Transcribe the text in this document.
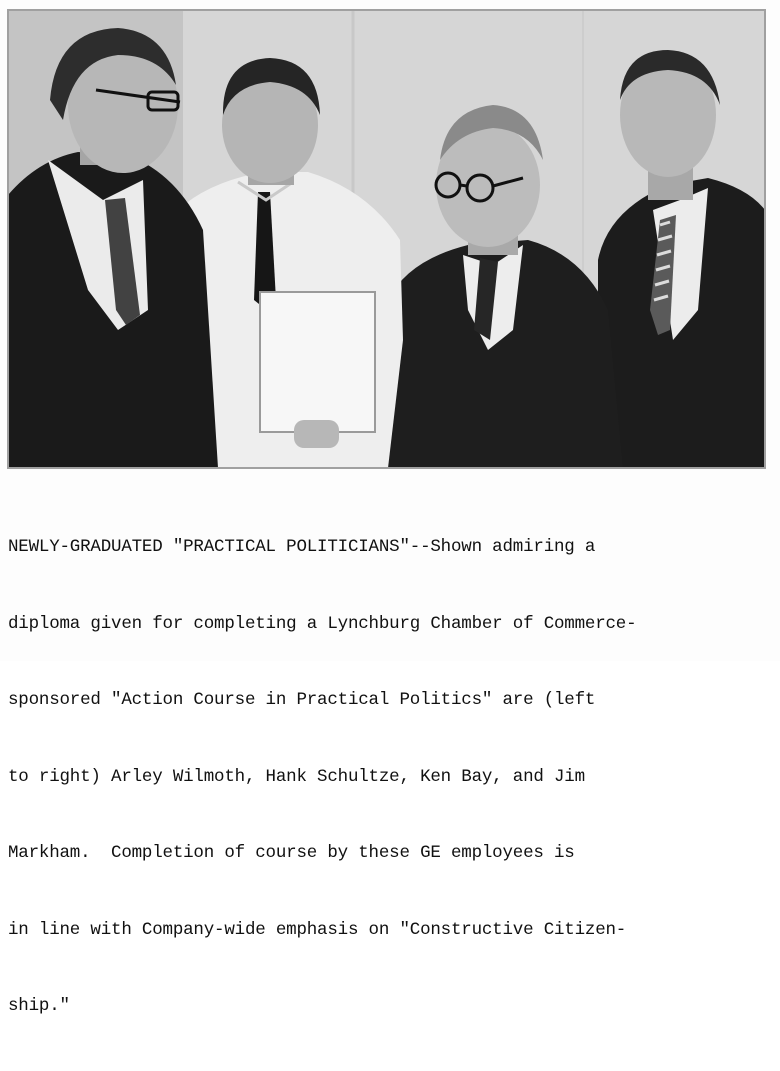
NEWLY-GRADUATED "PRACTICAL POLITICIANS"--Shown admiring a

diploma given for completing a Lynchburg Chamber of Commerce-

sponsored "Action Course in Practical Politics" are (left

to right) Arley Wilmoth, Hank Schultze, Ken Bay, and Jim

Markham.  Completion of course by these GE employees is

in line with Company-wide emphasis on "Constructive Citizen-

ship."
